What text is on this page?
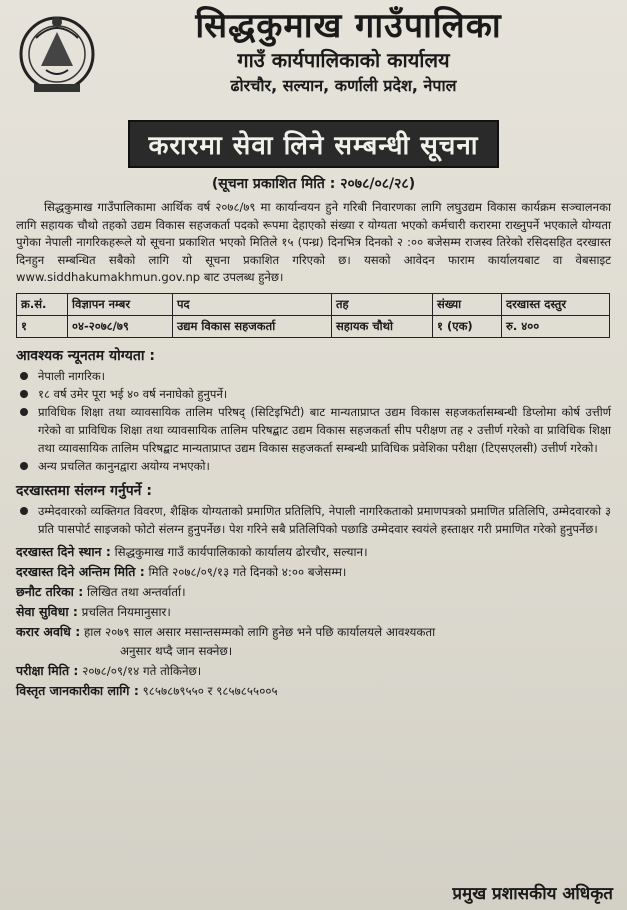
सिद्धकुमाख गाउँपालिका
गाउँ कार्यपालिकाको कार्यालय
ढोरचौर, सल्यान, कर्णाली प्रदेश, नेपाल
करारमा सेवा लिने सम्बन्धी सूचना
(सूचना प्रकाशित मिति : २०७८/०८/२८)
सिद्धकुमाख गाउँपालिकामा आर्थिक वर्ष २०७८/७९ मा कार्यान्वयन हुने गरिबी निवारणका लागि लघुउद्यम विकास कार्यक्रम सञ्चालनका लागि सहायक चौथो तहको उद्यम विकास सहजकर्ता पदको रूपमा देहाएको संख्या र योग्यता भएको कर्मचारी करारमा राख्नुपर्ने भएकाले योग्यता पुगेका नेपाली नागरिकहरूले यो सूचना प्रकाशित भएको मितिले १५ (पन्ध्र) दिनभित्र दिनको २ :०० बजेसम्म राजस्व तिरेको रसिदसहित दरखास्त दिनहुन सम्बन्धित सबैको लागि यो सूचना प्रकाशित गरिएको छ। यसको आवेदन फाराम कार्यालयबाट वा वेबसाइट www.siddhakumakhmun.gov.np बाट उपलब्ध हुनेछ।
क्र.सं.	विज्ञापन नम्बर	पद	तह	संख्या	दरखास्त दस्तुर
१	०४-२०७८/७९	उद्यम विकास सहजकर्ता	सहायक चौथो	१ (एक)	रु. ४००
आवश्यक न्यूनतम योग्यता :
नेपाली नागरिक।
१८ वर्ष उमेर पूरा भई ४० वर्ष ननाघेको हुनुपर्ने।
प्राविधिक शिक्षा तथा व्यावसायिक तालिम परिषद् (सिटिइभिटी) बाट मान्यताप्राप्त उद्यम विकास सहजकर्तासम्बन्धी डिप्लोमा कोर्ष उत्तीर्ण गरेको वा प्राविधिक शिक्षा तथा व्यावसायिक तालिम परिषद्बाट उद्यम विकास सहजकर्ता सीप परीक्षण तह २ उत्तीर्ण गरेको वा प्राविधिक शिक्षा तथा व्यावसायिक तालिम परिषद्बाट मान्यताप्राप्त उद्यम विकास सहजकर्ता सम्बन्धी प्राविधिक प्रवेशिका परीक्षा (टिएसएलसी) उत्तीर्ण गरेको।
अन्य प्रचलित कानुनद्वारा अयोग्य नभएको।
दरखास्तमा संलग्न गर्नुपर्ने :
उम्मेदवारको व्यक्तिगत विवरण, शैक्षिक योग्यताको प्रमाणित प्रतिलिपि, नेपाली नागरिकताको प्रमाणपत्रको प्रमाणित प्रतिलिपि, उम्मेदवारको ३ प्रति पासपोर्ट साइजको फोटो संलग्न हुनुपर्नेछ। पेश गरिने सबै प्रतिलिपिको पछाडि उम्मेदवार स्वयंले हस्ताक्षर गरी प्रमाणित गरेको हुनुपर्नेछ।
दरखास्त दिने स्थान : सिद्धकुमाख गाउँ कार्यपालिकाको कार्यालय ढोरचौर, सल्यान।
दरखास्त दिने अन्तिम मिति : मिति २०७८/०९/१३ गते दिनको ४:०० बजेसम्म।
छनौट तरिका : लिखित तथा अन्तर्वार्ता।
सेवा सुविधा : प्रचलित नियमानुसार।
करार अवधि : हाल २०७९ साल असार मसान्तसम्मको लागि हुनेछ भने पछि कार्यालयले आवश्यकता
अनुसार थप्दै जान सक्नेछ।
परीक्षा मिति : २०७८/०९/१४ गते तोकिनेछ।
विस्तृत जानकारीका लागि : ९८५७८७९५५० र ९८५७८५५००५
प्रमुख प्रशासकीय अधिकृत
